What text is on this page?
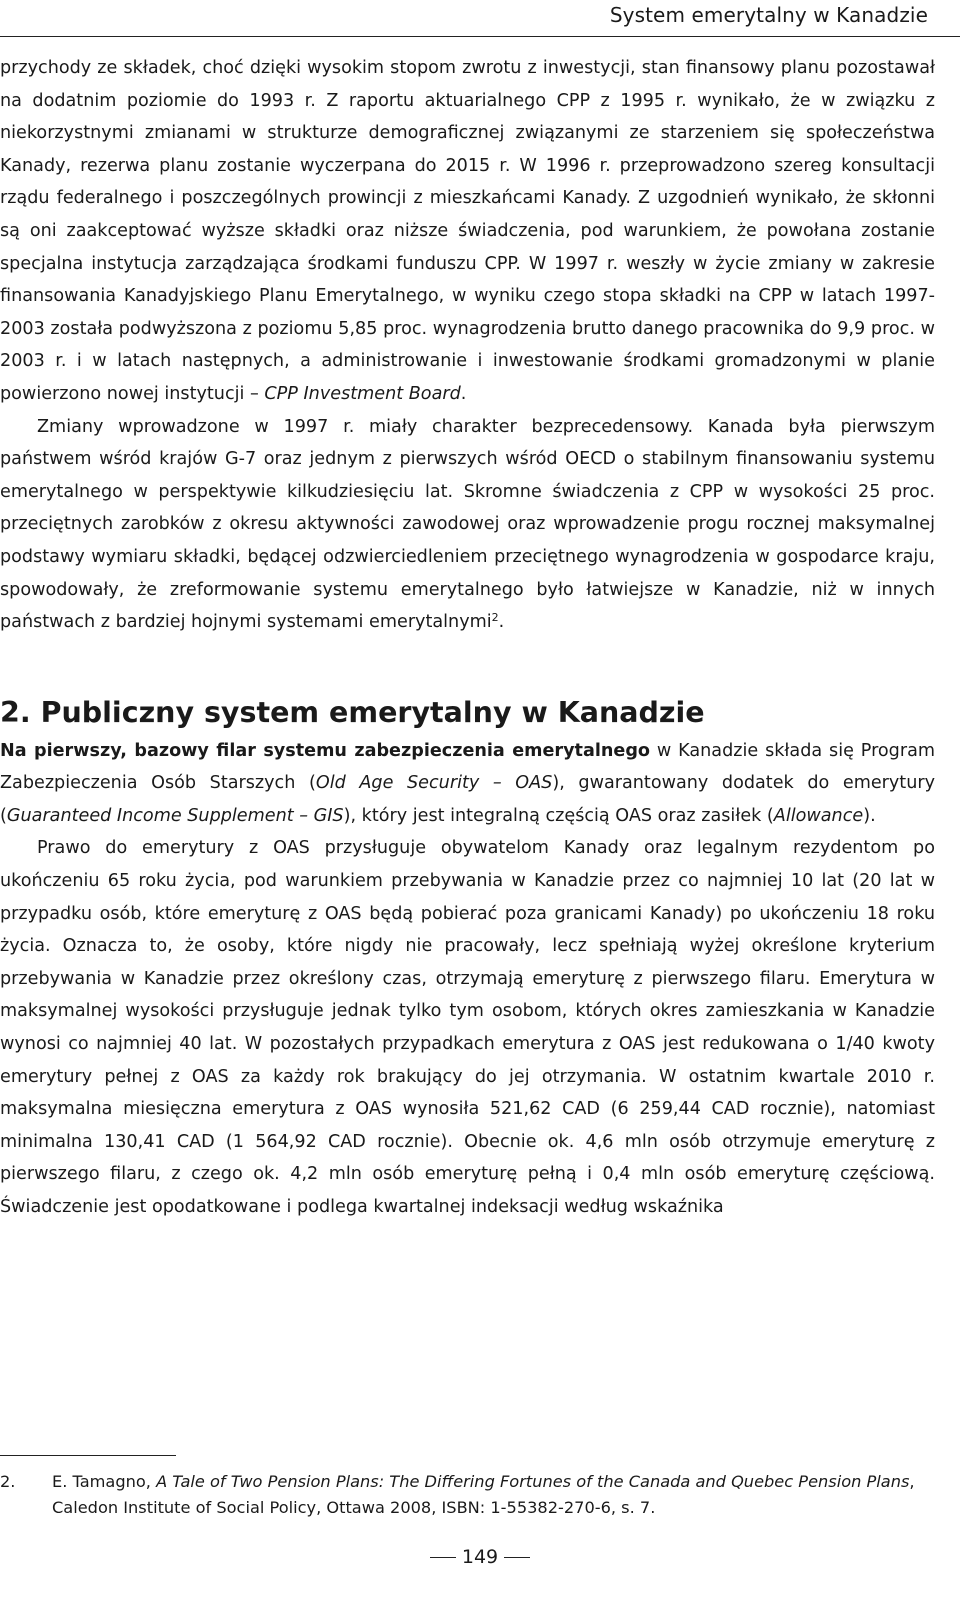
System emerytalny w Kanadzie

przychody ze składek, choć dzięki wysokim stopom zwrotu z inwestycji, stan finansowy planu pozostawał na dodatnim poziomie do 1993 r. Z raportu aktuarialnego CPP z 1995 r. wynikało, że w związku z niekorzystnymi zmianami w strukturze demograficznej związanymi ze starzeniem się społeczeństwa Kanady, rezerwa planu zostanie wyczerpana do 2015 r. W 1996 r. przeprowadzono szereg konsultacji rządu federalnego i poszczególnych prowincji z mieszkańcami Kanady. Z uzgodnień wynikało, że skłonni są oni zaakceptować wyższe składki oraz niższe świadczenia, pod warunkiem, że powołana zostanie specjalna instytucja zarządzająca środkami funduszu CPP. W 1997 r. weszły w życie zmiany w zakresie finansowania Kanadyjskiego Planu Emerytalnego, w wyniku czego stopa składki na CPP w latach 1997-2003 została podwyższona z poziomu 5,85 proc. wynagrodzenia brutto danego pracownika do 9,9 proc. w 2003 r. i w latach następnych, a administrowanie i inwestowanie środkami gromadzonymi w planie powierzono nowej instytucji – CPP Investment Board.

Zmiany wprowadzone w 1997 r. miały charakter bezprecedensowy. Kanada była pierwszym państwem wśród krajów G-7 oraz jednym z pierwszych wśród OECD o stabilnym finansowaniu systemu emerytalnego w perspektywie kilkudziesięciu lat. Skromne świadczenia z CPP w wysokości 25 proc. przeciętnych zarobków z okresu aktywności zawodowej oraz wprowadzenie progu rocznej maksymalnej podstawy wymiaru składki, będącej odzwierciedleniem przeciętnego wynagrodzenia w gospodarce kraju, spowodowały, że zreformowanie systemu emerytalnego było łatwiejsze w Kanadzie, niż w innych państwach z bardziej hojnymi systemami emerytalnymi$^2$.

2. Publiczny system emerytalny w Kanadzie

Na pierwszy, bazowy filar systemu zabezpieczenia emerytalnego w Kanadzie składa się Program Zabezpieczenia Osób Starszych (Old Age Security – OAS), gwarantowany dodatek do emerytury (Guaranteed Income Supplement – GIS), który jest integralną częścią OAS oraz zasiłek (Allowance).

Prawo do emerytury z OAS przysługuje obywatelom Kanady oraz legalnym rezydentom po ukończeniu 65 roku życia, pod warunkiem przebywania w Kanadzie przez co najmniej 10 lat (20 lat w przypadku osób, które emeryturę z OAS będą pobierać poza granicami Kanady) po ukończeniu 18 roku życia. Oznacza to, że osoby, które nigdy nie pracowały, lecz spełniają wyżej określone kryterium przebywania w Kanadzie przez określony czas, otrzymają emeryturę z pierwszego filaru. Emerytura w maksymalnej wysokości przysługuje jednak tylko tym osobom, których okres zamieszkania w Kanadzie wynosi co najmniej 40 lat. W pozostałych przypadkach emerytura z OAS jest redukowana o 1/40 kwoty emerytury pełnej z OAS za każdy rok brakujący do jej otrzymania. W ostatnim kwartale 2010 r. maksymalna miesięczna emerytura z OAS wynosiła 521,62 CAD (6 259,44 CAD rocznie), natomiast minimalna 130,41 CAD (1 564,92 CAD rocznie). Obecnie ok. 4,6 mln osób otrzymuje emeryturę z pierwszego filaru, z czego ok. 4,2 mln osób emeryturę pełną i 0,4 mln osób emeryturę częściową. Świadczenie jest opodatkowane i podlega kwartalnej indeksacji według wskaźnika

2. E. Tamagno, A Tale of Two Pension Plans: The Differing Fortunes of the Canada and Quebec Pension Plans, Caledon Institute of Social Policy, Ottawa 2008, ISBN: 1-55382-270-6, s. 7.
149
